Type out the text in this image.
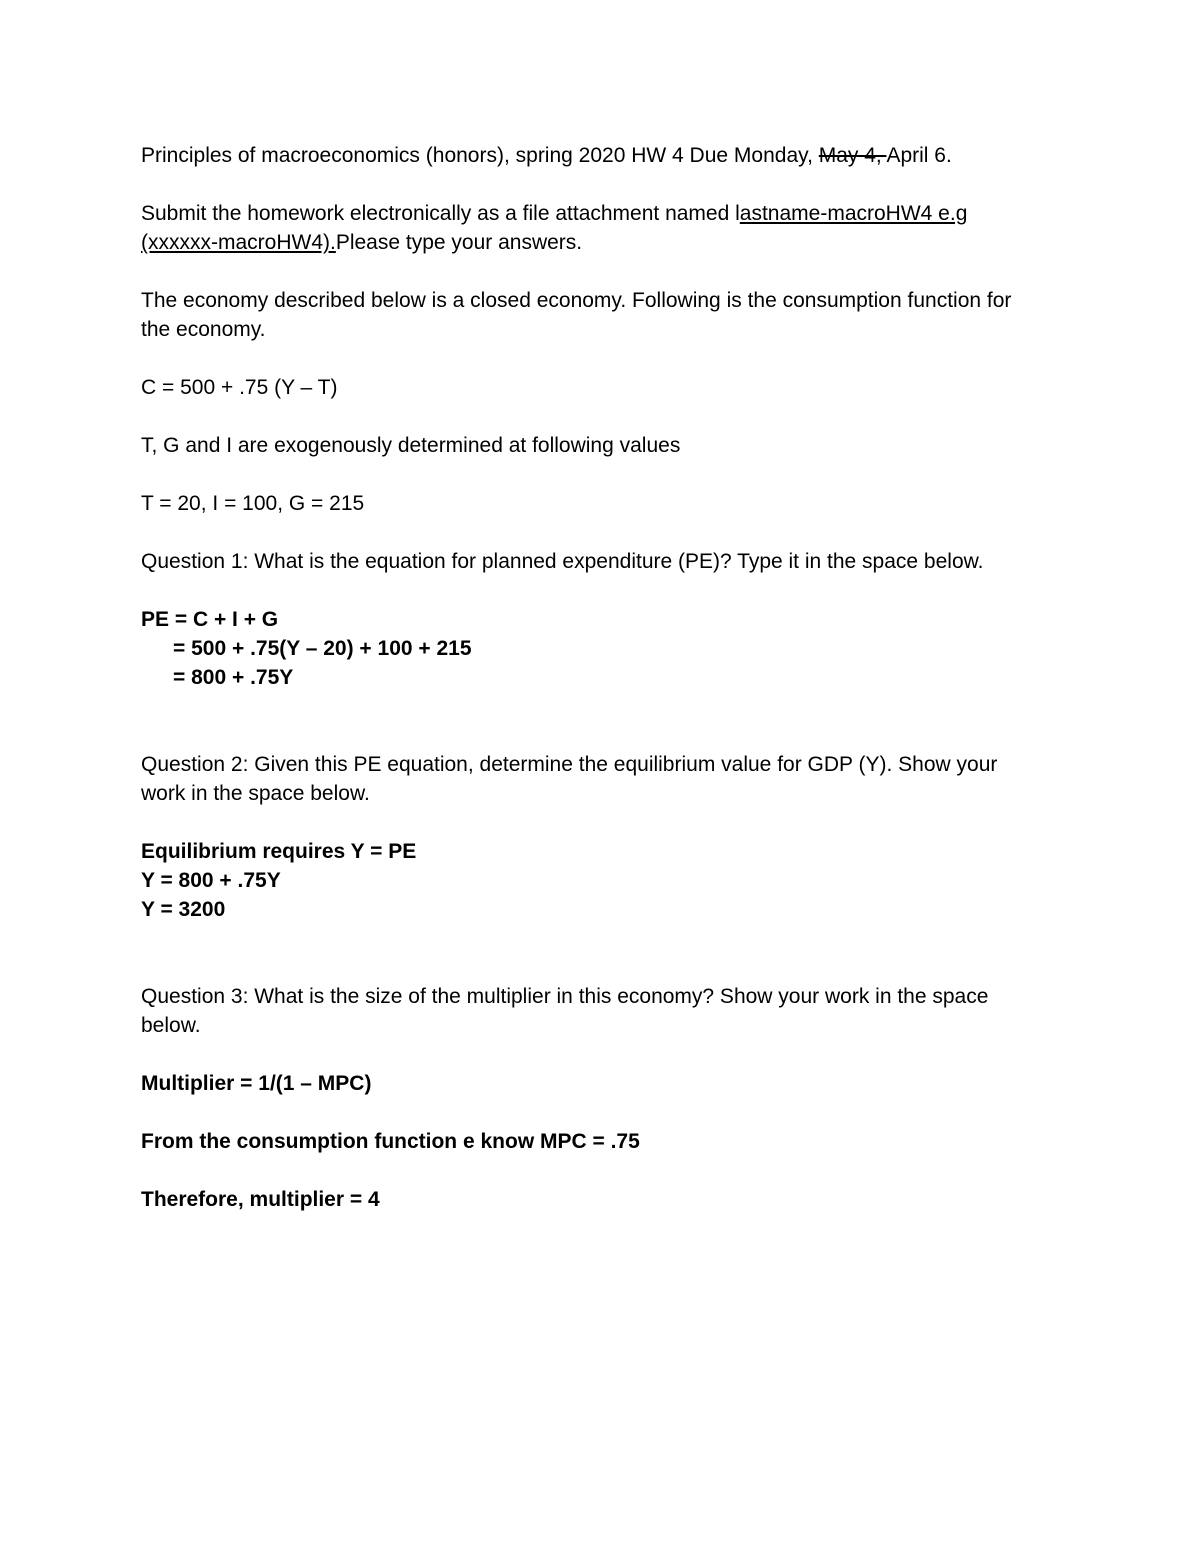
Principles of macroeconomics (honors), spring 2020 HW 4 Due Monday, May 4, April 6.

Submit the homework electronically as a file attachment named lastname-macroHW4 e.g

(xxxxxx-macroHW4).Please type your answers.

The economy described below is a closed economy. Following is the consumption function for

the economy.

C = 500 + .75 (Y – T)

T, G and I are exogenously determined at following values

T = 20, I = 100, G = 215

Question 1: What is the equation for planned expenditure (PE)? Type it in the space below.

PE = C + I + G

= 500 + .75(Y – 20) + 100 + 215

= 800 + .75Y

Question 2: Given this PE equation, determine the equilibrium value for GDP (Y). Show your

work in the space below.

Equilibrium requires Y = PE

Y = 800 + .75Y

Y = 3200

Question 3: What is the size of the multiplier in this economy? Show your work in the space

below.

Multiplier = 1/(1 – MPC)

From the consumption function e know MPC = .75

Therefore, multiplier = 4
